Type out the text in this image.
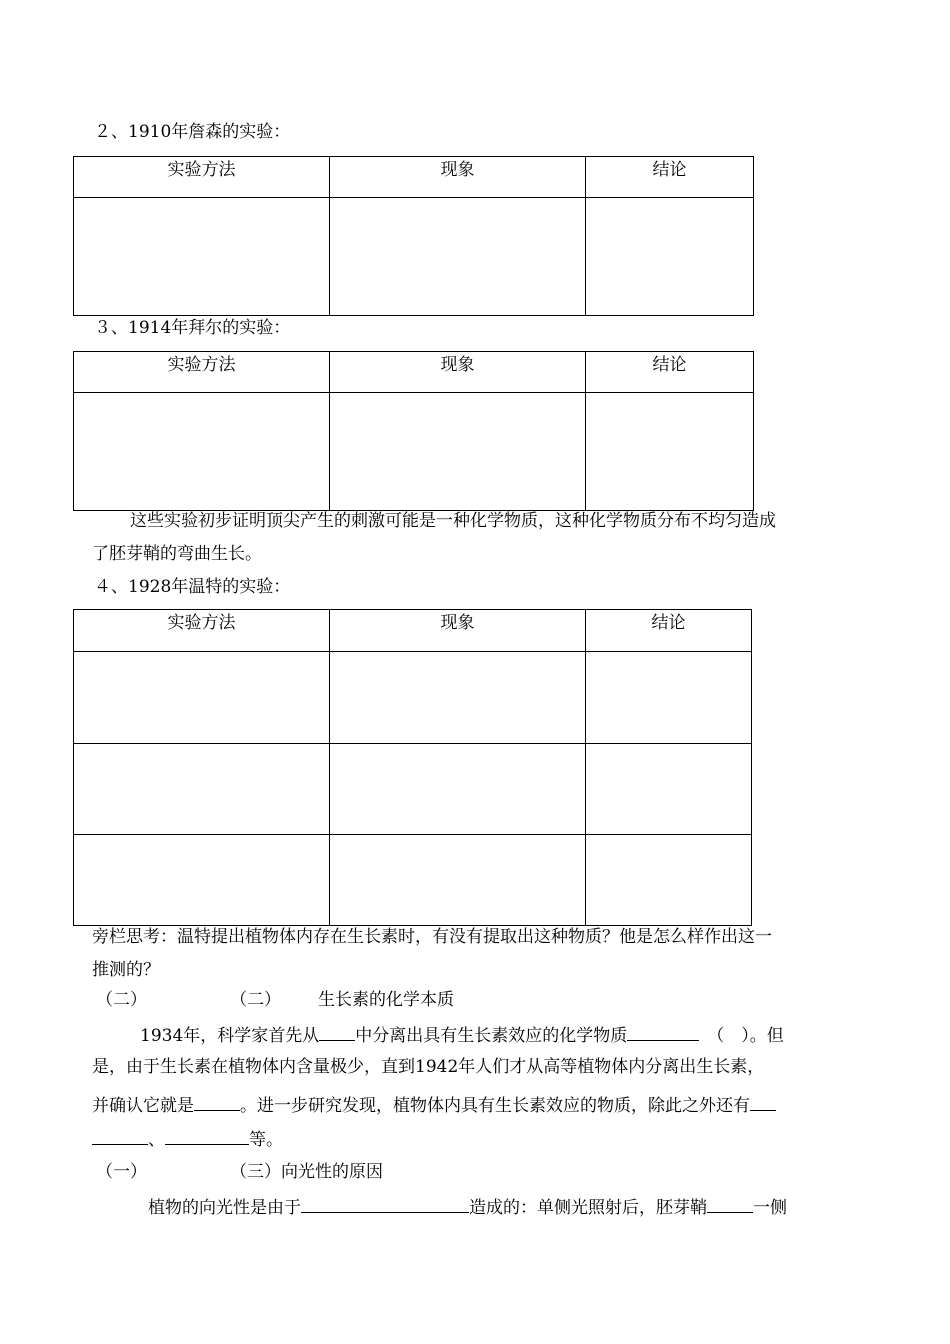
２、1910年詹森的实验：
实验方法	现象	结论

３、1914年拜尔的实验：
实验方法	现象	结论

这些实验初步证明顶尖产生的刺激可能是一种化学物质，这种化学物质分布不均匀造成
了胚芽鞘的弯曲生长。
４、1928年温特的实验：
实验方法	现象	结论

旁栏思考：温特提出植物体内存在生长素时，有没有提取出这种物质？他是怎么样作出这一
推测的？
（二）	（二） 生长素的化学本质
1934年，科学家首先从 中分离出具有生长素效应的化学物质	（　）。但
是，由于生长素在植物体内含量极少，直到1942年人们才从高等植物体内分离出生长素，
并确认它就是	。进一步研究发现，植物体内具有生长素效应的物质，除此之外还有
、	等。
（一）	（三）向光性的原因
植物的向光性是由于	造成的：单侧光照射后，胚芽鞘	一侧
